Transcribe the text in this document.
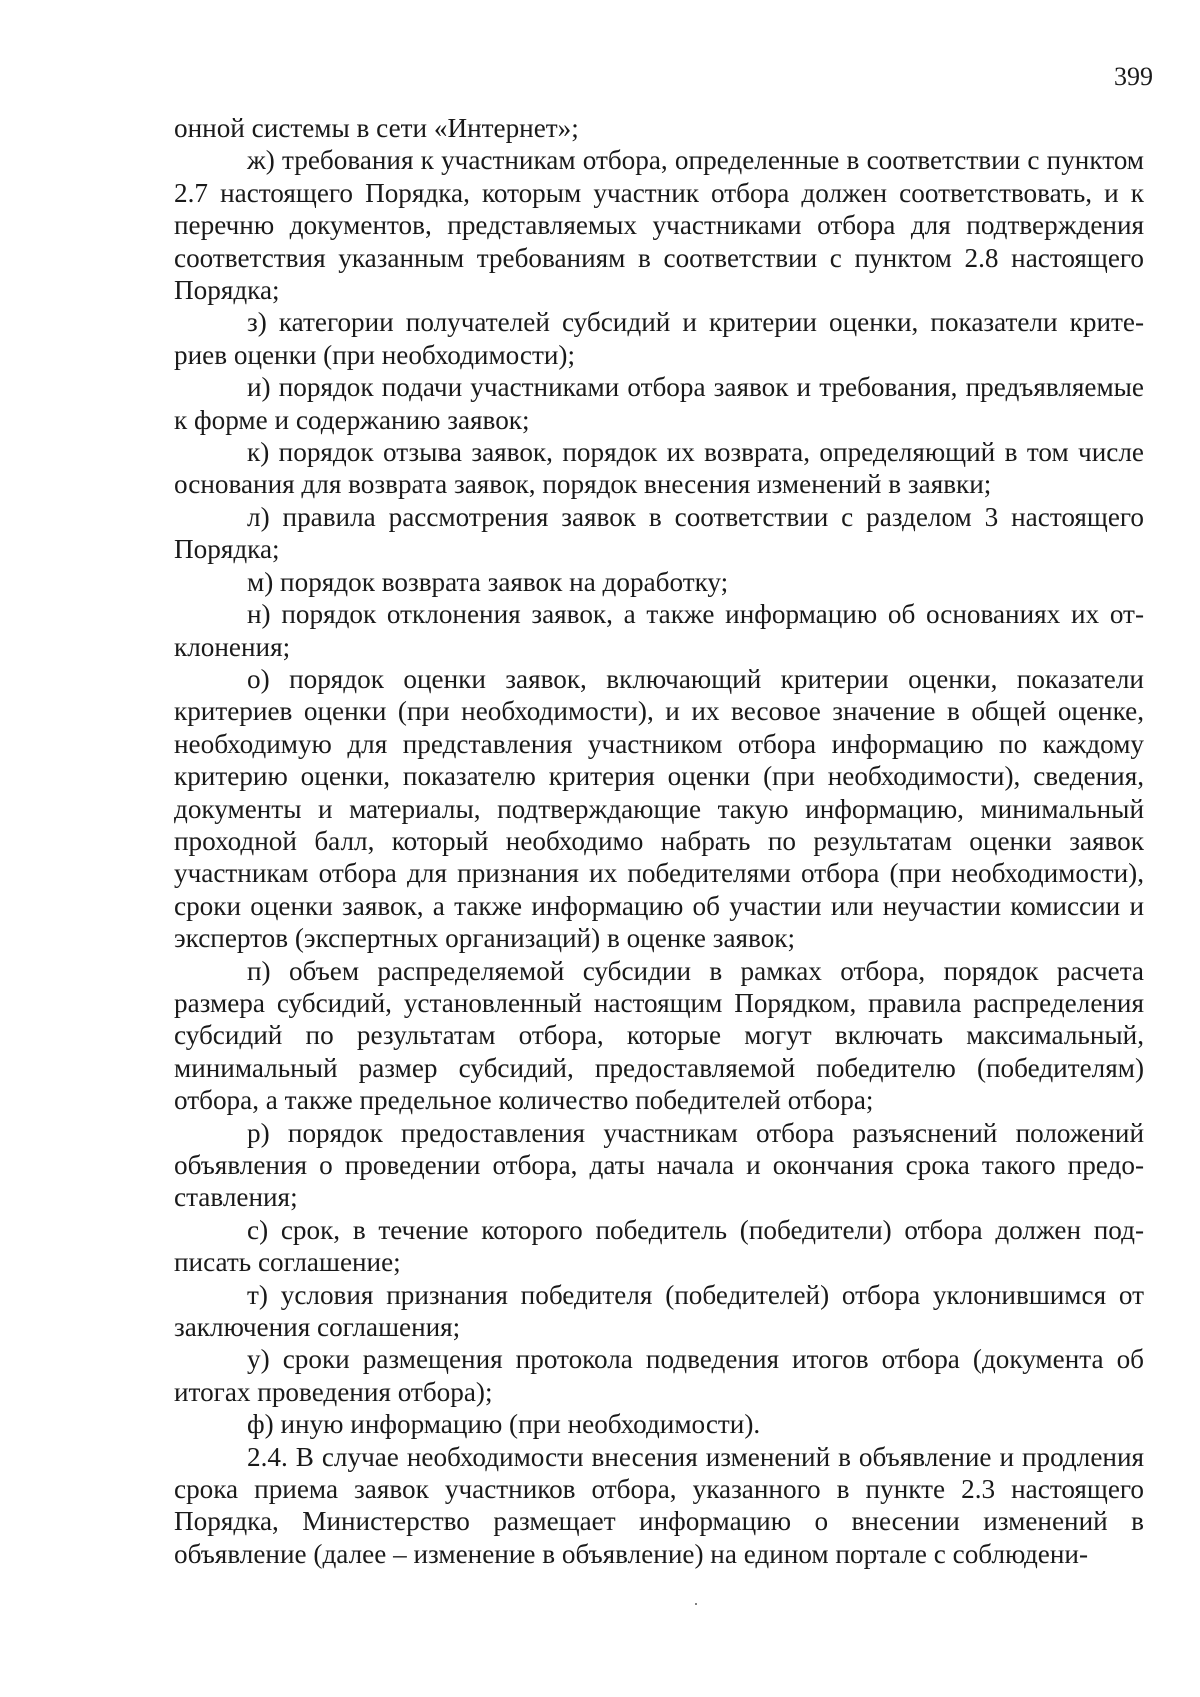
399

онной системы в сети «Интернет»;

ж) требования к участникам отбора, определенные в соответствии с пунктом 2.7 настоящего Порядка, которым участник отбора должен соответствовать, и к перечню документов, представляемых участниками отбора для подтверждения соответствия указанным требованиям в соответствии с пунктом 2.8 настоящего Порядка;

з) категории получателей субсидий и критерии оценки, показатели критериев оценки (при необходимости);

и) порядок подачи участниками отбора заявок и требования, предъявляемые к форме и содержанию заявок;

к) порядок отзыва заявок, порядок их возврата, определяющий в том числе основания для возврата заявок, порядок внесения изменений в заявки;

л) правила рассмотрения заявок в соответствии с разделом 3 настоящего Порядка;

м) порядок возврата заявок на доработку;

н) порядок отклонения заявок, а также информацию об основаниях их отклонения;

о) порядок оценки заявок, включающий критерии оценки, показатели критериев оценки (при необходимости), и их весовое значение в общей оценке, необходимую для представления участником отбора информацию по каждому критерию оценки, показателю критерия оценки (при необходимости), сведения, документы и материалы, подтверждающие такую информацию, минимальный проходной балл, который необходимо набрать по результатам оценки заявок участникам отбора для признания их победителями отбора (при необходимости), сроки оценки заявок, а также информацию об участии или неучастии комиссии и экспертов (экспертных организаций) в оценке заявок;

п) объем распределяемой субсидии в рамках отбора, порядок расчета размера субсидий, установленный настоящим Порядком, правила распределения субсидий по результатам отбора, которые могут включать максимальный, минимальный размер субсидий, предоставляемой победителю (победителям) отбора, а также предельное количество победителей отбора;

р) порядок предоставления участникам отбора разъяснений положений объявления о проведении отбора, даты начала и окончания срока такого предоставления;

с) срок, в течение которого победитель (победители) отбора должен подписать соглашение;

т) условия признания победителя (победителей) отбора уклонившимся от заключения соглашения;

у) сроки размещения протокола подведения итогов отбора (документа об итогах проведения отбора);

ф) иную информацию (при необходимости).

2.4. В случае необходимости внесения изменений в объявление и продления срока приема заявок участников отбора, указанного в пункте 2.3 настоящего Порядка, Министерство размещает информацию о внесении изменений в объявление (далее – изменение в объявление) на едином портале с соблюдени-
